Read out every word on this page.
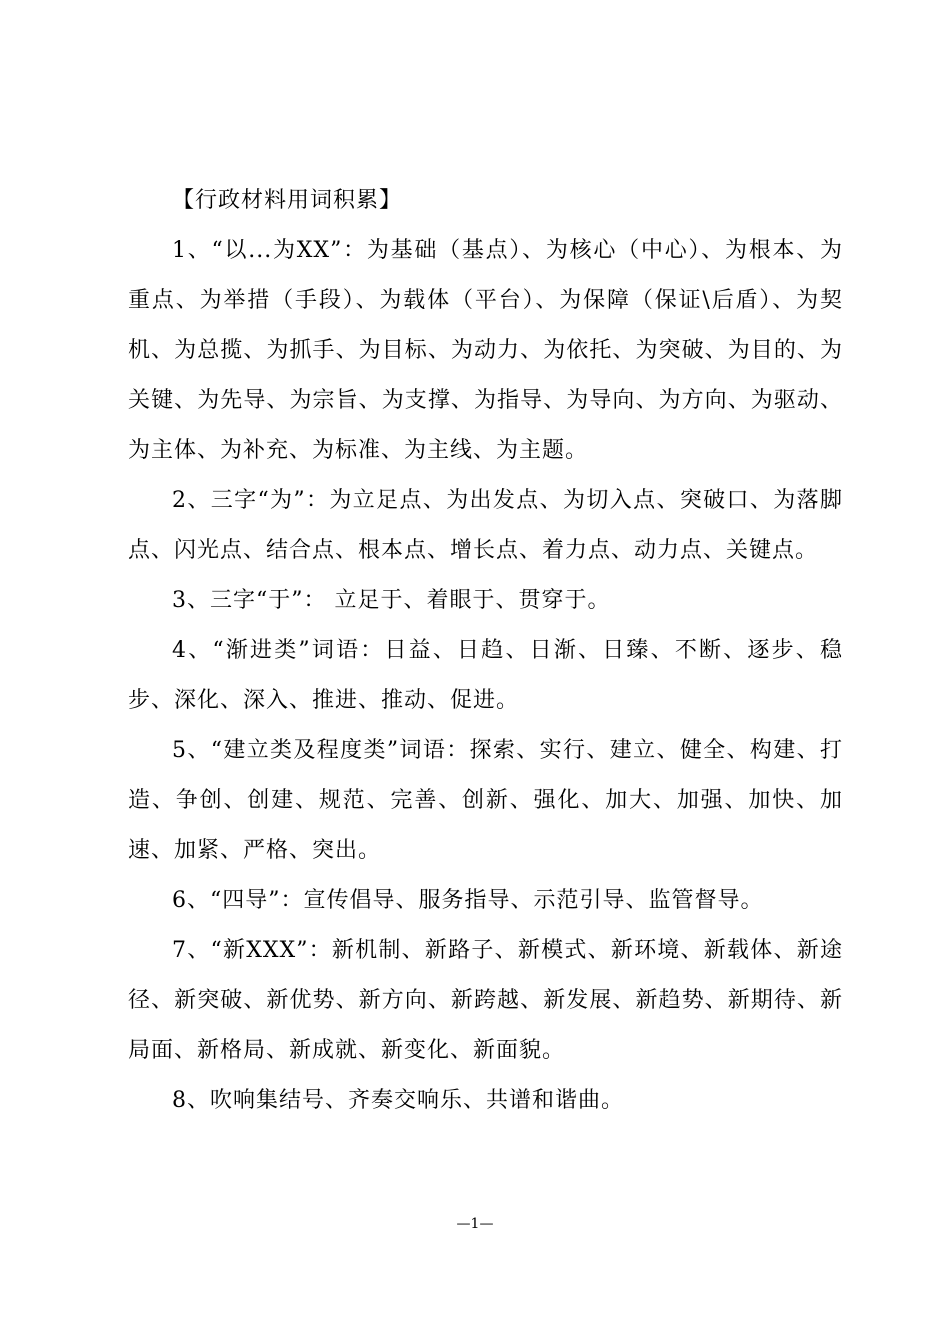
【行政材料用词积累】

1、“以...为XX”：为基础（基点）、为核心（中心）、为根本、为重点、为举措（手段）、为载体（平台）、为保障（保证\后盾）、为契机、为总揽、为抓手、为目标、为动力、为依托、为突破、为目的、为关键、为先导、为宗旨、为支撑、为指导、为导向、为方向、为驱动、为主体、为补充、为标准、为主线、为主题。

2、三字“为”：为立足点、为出发点、为切入点、突破口、为落脚点、闪光点、结合点、根本点、增长点、着力点、动力点、关键点。

3、三字“于”： 立足于、着眼于、贯穿于。

4、“渐进类”词语：日益、日趋、日渐、日臻、不断、逐步、稳步、深化、深入、推进、推动、促进。

5、“建立类及程度类”词语：探索、实行、建立、健全、构建、打造、争创、创建、规范、完善、创新、强化、加大、加强、加快、加速、加紧、严格、突出。

6、“四导”：宣传倡导、服务指导、示范引导、监管督导。

7、“新XXX”：新机制、新路子、新模式、新环境、新载体、新途径、新突破、新优势、新方向、新跨越、新发展、新趋势、新期待、新局面、新格局、新成就、新变化、新面貌。

8、吹响集结号、齐奏交响乐、共谱和谐曲。

—1—
